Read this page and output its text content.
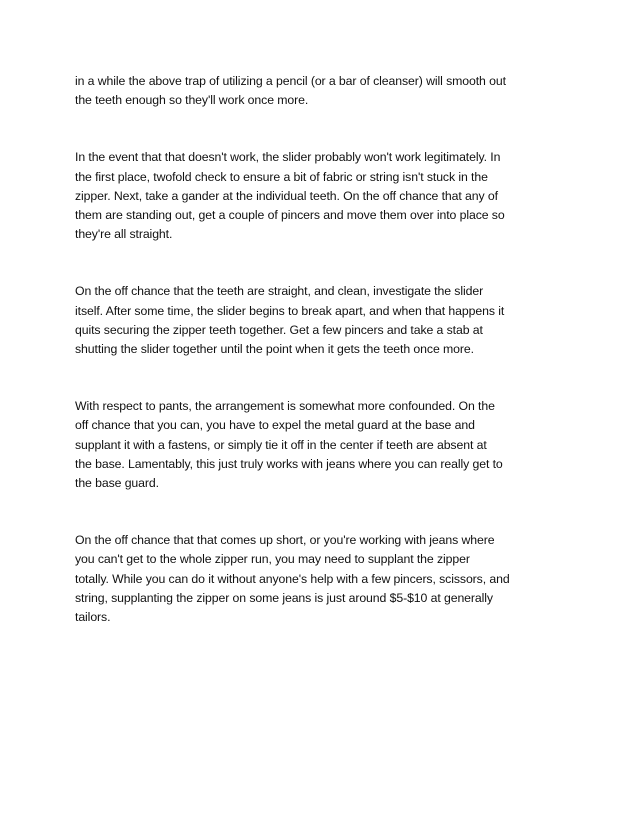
in a while the above trap of utilizing a pencil (or a bar of cleanser) will smooth out
the teeth enough so they'll work once more.

In the event that that doesn't work, the slider probably won't work legitimately. In
the first place, twofold check to ensure a bit of fabric or string isn't stuck in the
zipper. Next, take a gander at the individual teeth. On the off chance that any of
them are standing out, get a couple of pincers and move them over into place so
they're all straight.

On the off chance that the teeth are straight, and clean, investigate the slider
itself. After some time, the slider begins to break apart, and when that happens it
quits securing the zipper teeth together. Get a few pincers and take a stab at
shutting the slider together until the point when it gets the teeth once more.

With respect to pants, the arrangement is somewhat more confounded. On the
off chance that you can, you have to expel the metal guard at the base and
supplant it with a fastens, or simply tie it off in the center if teeth are absent at
the base. Lamentably, this just truly works with jeans where you can really get to
the base guard.

On the off chance that that comes up short, or you're working with jeans where
you can't get to the whole zipper run, you may need to supplant the zipper
totally. While you can do it without anyone's help with a few pincers, scissors, and
string, supplanting the zipper on some jeans is just around $5-$10 at generally
tailors.
